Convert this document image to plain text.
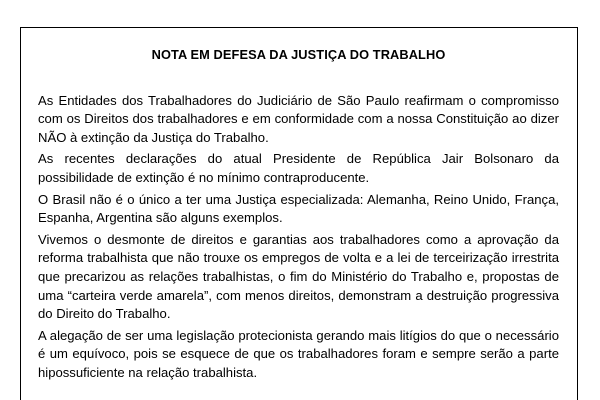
NOTA EM DEFESA DA JUSTIÇA DO TRABALHO

As Entidades dos Trabalhadores do Judiciário de São Paulo reafirmam o compromisso com os Direitos dos trabalhadores e em conformidade com a nossa Constituição ao dizer NÃO à extinção da Justiça do Trabalho.

As recentes declarações do atual Presidente de República Jair Bolsonaro da possibilidade de extinção é no mínimo contraproducente.

O Brasil não é o único a ter uma Justiça especializada: Alemanha, Reino Unido, França, Espanha, Argentina são alguns exemplos.

Vivemos o desmonte de direitos e garantias aos trabalhadores como a aprovação da reforma trabalhista que não trouxe os empregos de volta e a lei de terceirização irrestrita que precarizou as relações trabalhistas, o fim do Ministério do Trabalho e, propostas de uma “carteira verde amarela”, com menos direitos, demonstram a destruição progressiva do Direito do Trabalho.

A alegação de ser uma legislação protecionista gerando mais litígios do que o necessário é um equívoco, pois se esquece de que os trabalhadores foram e sempre serão a parte hipossuficiente na relação trabalhista.
